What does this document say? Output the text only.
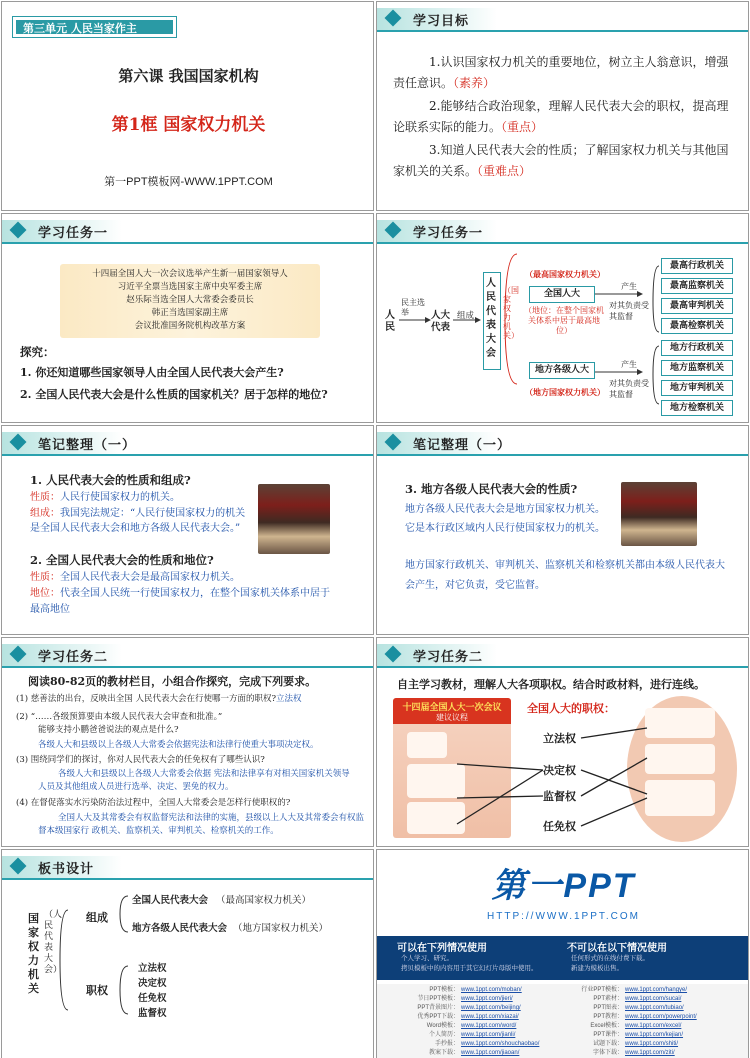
第三单元 人民当家作主
第六课 我国国家机构
第1框 国家权力机关
第一PPT模板网-WWW.1PPT.COM
学习目标
1.认识国家权力机关的重要地位，树立主人翁意识，增强责任意识。（素养）
2.能够结合政治现象，理解人民代表大会的职权，提高理论联系实际的能力。（重点）
3.知道人民代表大会的性质；了解国家权力机关与其他国家机关的关系。（重难点）
学习任务一
十四届全国人大一次会议选举产生新一届国家领导人
习近平全票当选国家主席中央军委主席
赵乐际当选全国人大常委会委员长
韩正当选国家副主席
会议批准国务院机构改革方案
探究：
1. 你还知道哪些国家领导人由全国人民代表大会产生?
2. 全国人民代表大会是什么性质的国家机关？居于怎样的地位?
学习任务一
人民
民主选举	人大代表
组成
人民代表大会
（国家权力机关）
（最高国家权力机关）
全国人大
（地位：在整个国家机关体系中居于最高地位）
地方各级人大
（地方国家权力机关）
产生
对其负责受其监督
产生
对其负责受其监督
最高行政机关
最高监察机关
最高审判机关
最高检察机关
地方行政机关
地方监察机关
地方审判机关
地方检察机关
笔记整理（一）
1. 人民代表大会的性质和组成?
性质：人民行使国家权力的机关。
组成：我国宪法规定：“人民行使国家权力的机关是全国人民代表大会和地方各级人民代表大会。”
2. 全国人民代表大会的性质和地位?
性质：全国人民代表大会是最高国家权力机关。
地位：代表全国人民统一行使国家权力，在整个国家机关体系中居于最高地位
笔记整理（一）
3. 地方各级人民代表大会的性质?
地方各级人民代表大会是地方国家权力机关。
它是本行政区域内人民行使国家权力的机关。
地方国家行政机关、审判机关、监察机关和检察机关都由本级人民代表大会产生，对它负责，受它监督。
学习任务二
阅读80-82页的教材栏目，小组合作探究，完成下列要求。
(1) 慈善法的出台，反映出全国 人民代表大会在行使哪一方面的职权?立法权
(2) “……各级预算要由本级人民代表大会审查和批准。”
能够支持小鹏爸爸说法的观点是什么?
各级人大和县级以上各级人大常委会依据宪法和法律行使重大事项决定权。
(3) 围绕同学们的探讨，你对人民代表大会的任免权有了哪些认识?
各级人大和县级以上各级人大常委会依据 宪法和法律享有对相关国家机关领导人员及其他组成人员进行选举、决定、罢免的权力。
(4) 在督促落实水污染防治法过程中，全国人大常委会是怎样行使职权的?
全国人大及其常委会有权监督宪法和法律的实施，县级以上人大及其常委会有权监督本级国家行 政机关、监察机关、审判机关、检察机关的工作。
学习任务二
自主学习教材，理解人大各项职权。结合时政材料，进行连线。
十四届全国人大一次会议
建议议程
全国人大的职权：
立法权
决定权
监督权
任免权
板书设计
国家权力机关
（人民代表大会）
组成
全国人民代表大会 （最高国家权力机关）
地方各级人民代表大会 （地方国家权力机关）
职权
立法权
决定权
任免权
监督权
第一PPT
HTTP://WWW.1PPT.COM
可以在下列情况使用
个人学习、研究。
拷贝模板中的内容用于其它幻灯片母版中使用。
不可以在以下情况使用
任何形式的在线付费下载。
新建为模板出售。
PPT模板： www.1ppt.com/moban/
节日PPT模板： www.1ppt.com/jieri/
PPT背景图片： www.1ppt.com/beijing/
优秀PPT下载： www.1ppt.com/xiazai/
Word模板： www.1ppt.com/word/
个人简历： www.1ppt.com/jianli/
手抄报： www.1ppt.com/shouchaobao/
教案下载： www.1ppt.com/jiaoan/
行业PPT模板： www.1ppt.com/hangye/
PPT素材： www.1ppt.com/sucai/
PPT图表： www.1ppt.com/tubiao/
PPT教程： www.1ppt.com/powerpoint/
Excel模板： www.1ppt.com/excel/
PPT课件： www.1ppt.com/kejian/
试题下载： www.1ppt.com/shiti/
字体下载： www.1ppt.com/ziti/
